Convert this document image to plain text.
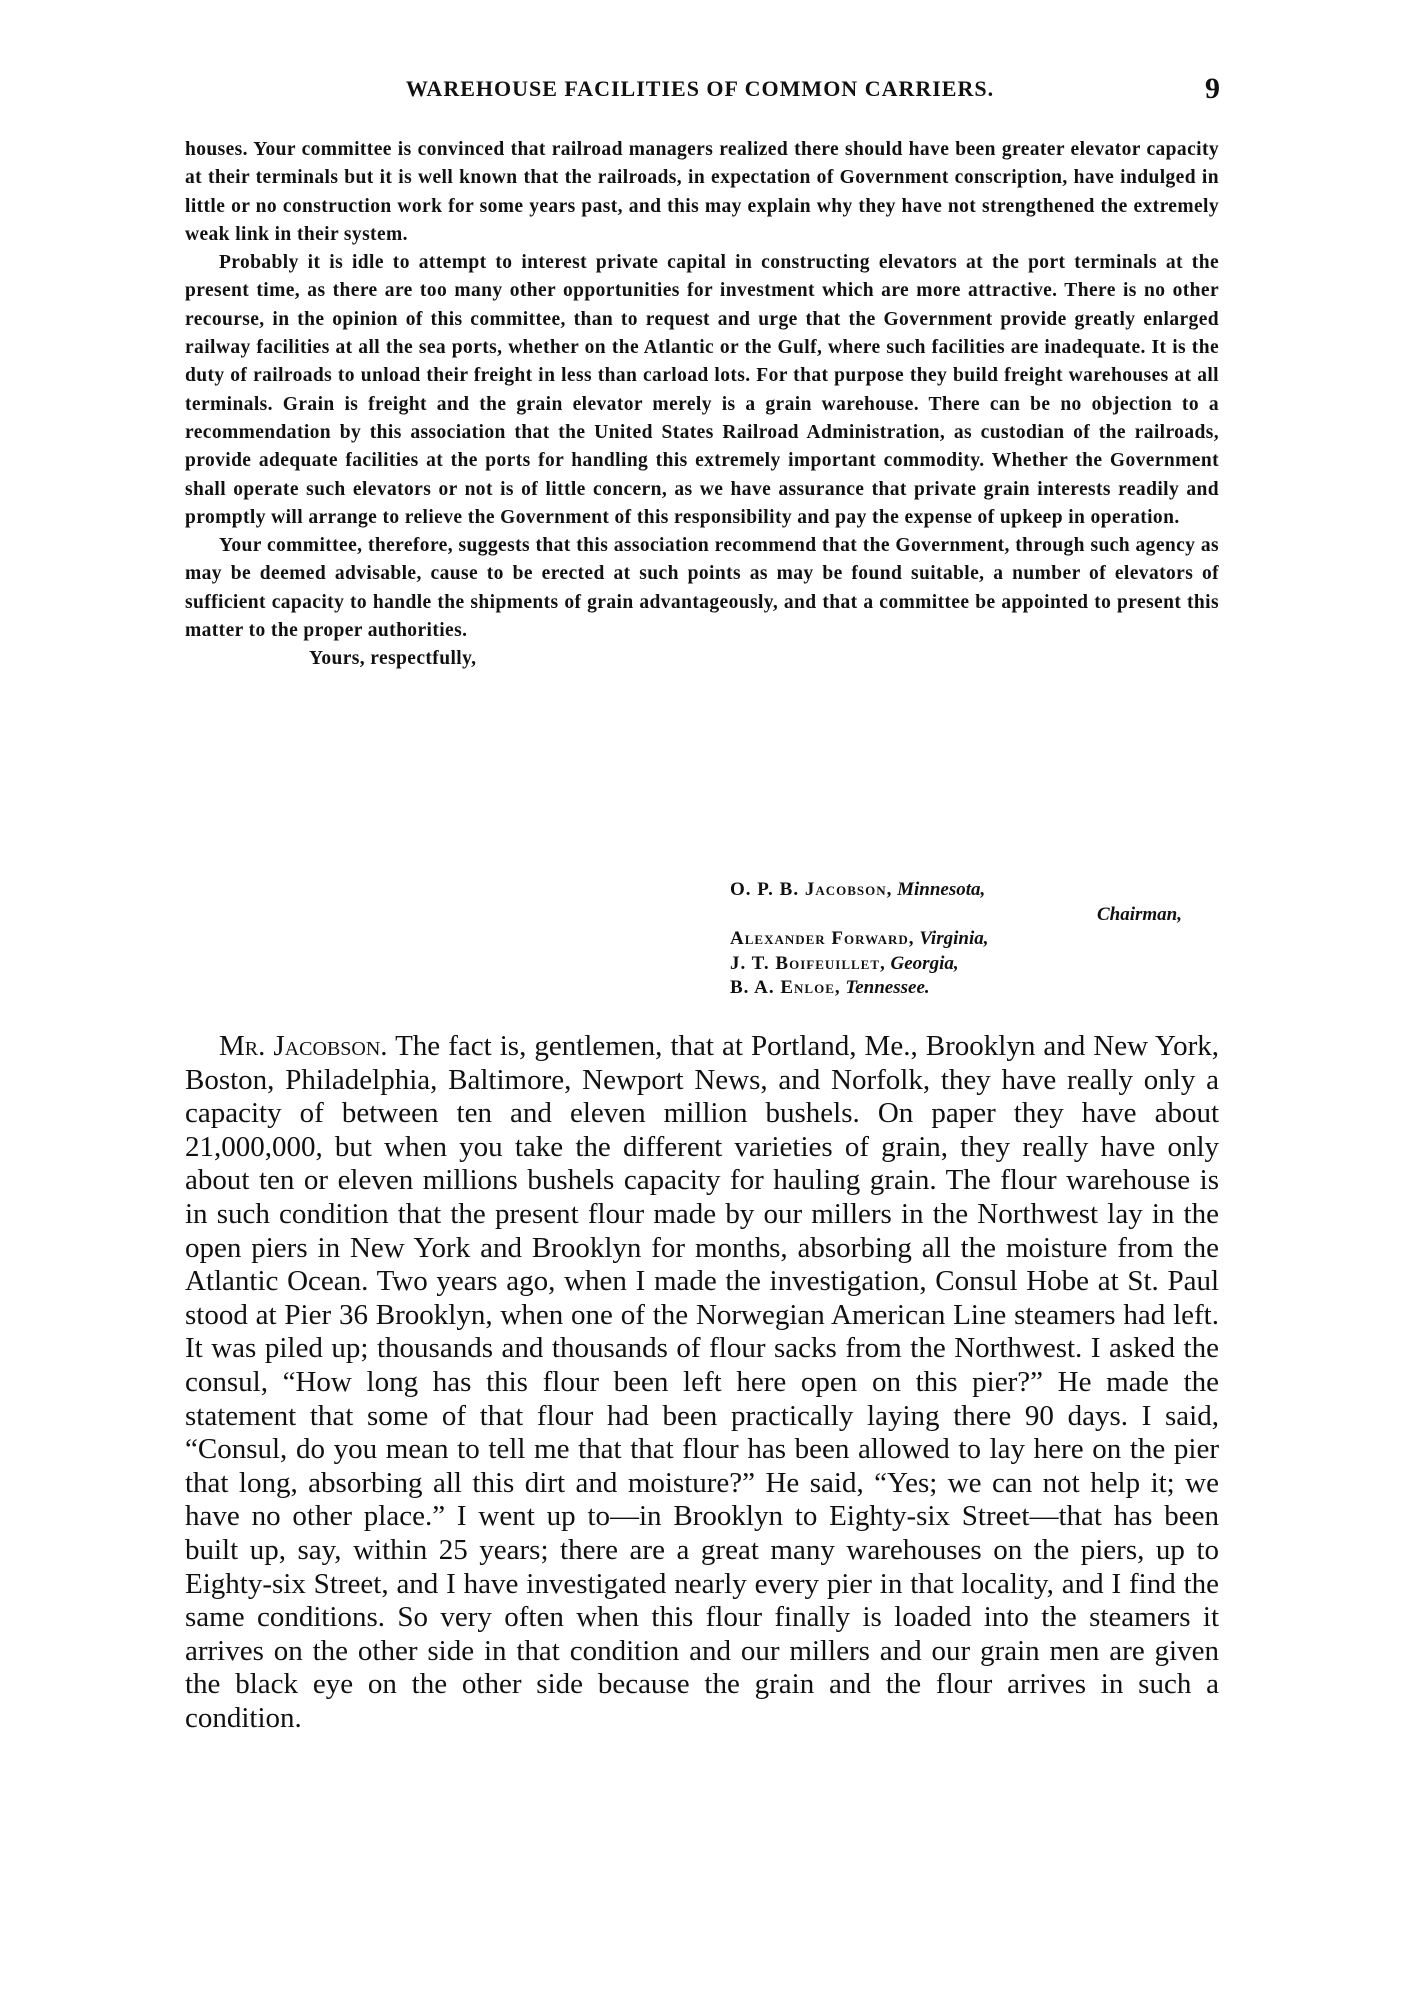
WAREHOUSE FACILITIES OF COMMON CARRIERS.	9

houses. Your committee is convinced that railroad managers realized there should have been greater elevator capacity at their terminals but it is well known that the railroads, in expectation of Government conscription, have indulged in little or no construction work for some years past, and this may explain why they have not strengthened the extremely weak link in their system.

Probably it is idle to attempt to interest private capital in constructing elevators at the port terminals at the present time, as there are too many other opportunities for investment which are more attractive. There is no other recourse, in the opinion of this committee, than to request and urge that the Government provide greatly enlarged railway facilities at all the sea ports, whether on the Atlantic or the Gulf, where such facilities are inadequate. It is the duty of railroads to unload their freight in less than carload lots. For that purpose they build freight warehouses at all terminals. Grain is freight and the grain elevator merely is a grain warehouse. There can be no objection to a recommendation by this association that the United States Railroad Administration, as custodian of the railroads, provide adequate facilities at the ports for handling this extremely important commodity. Whether the Government shall operate such elevators or not is of little concern, as we have assurance that private grain interests readily and promptly will arrange to relieve the Government of this responsibility and pay the expense of upkeep in operation.

Your committee, therefore, suggests that this association recommend that the Government, through such agency as may be deemed advisable, cause to be erected at such points as may be found suitable, a number of elevators of sufficient capacity to handle the shipments of grain advantageously, and that a committee be appointed to present this matter to the proper authorities.

Yours, respectfully,

O. P. B. Jacobson, Minnesota,
Chairman,
Alexander Forward, Virginia,
J. T. Boifeuillet, Georgia,
B. A. Enloe, Tennessee.

Mr. Jacobson. The fact is, gentlemen, that at Portland, Me., Brooklyn and New York, Boston, Philadelphia, Baltimore, Newport News, and Norfolk, they have really only a capacity of between ten and eleven million bushels. On paper they have about 21,000,000, but when you take the different varieties of grain, they really have only about ten or eleven millions bushels capacity for hauling grain. The flour warehouse is in such condition that the present flour made by our millers in the Northwest lay in the open piers in New York and Brooklyn for months, absorbing all the moisture from the Atlantic Ocean. Two years ago, when I made the investigation, Consul Hobe at St. Paul stood at Pier 36 Brooklyn, when one of the Norwegian American Line steamers had left. It was piled up; thousands and thousands of flour sacks from the Northwest. I asked the consul, “How long has this flour been left here open on this pier?” He made the statement that some of that flour had been practically laying there 90 days. I said, “Consul, do you mean to tell me that that flour has been allowed to lay here on the pier that long, absorbing all this dirt and moisture?” He said, “Yes; we can not help it; we have no other place.” I went up to—in Brooklyn to Eighty-six Street—that has been built up, say, within 25 years; there are a great many warehouses on the piers, up to Eighty-six Street, and I have investigated nearly every pier in that locality, and I find the same conditions. So very often when this flour finally is loaded into the steamers it arrives on the other side in that condition and our millers and our grain men are given the black eye on the other side because the grain and the flour arrives in such a condition.
